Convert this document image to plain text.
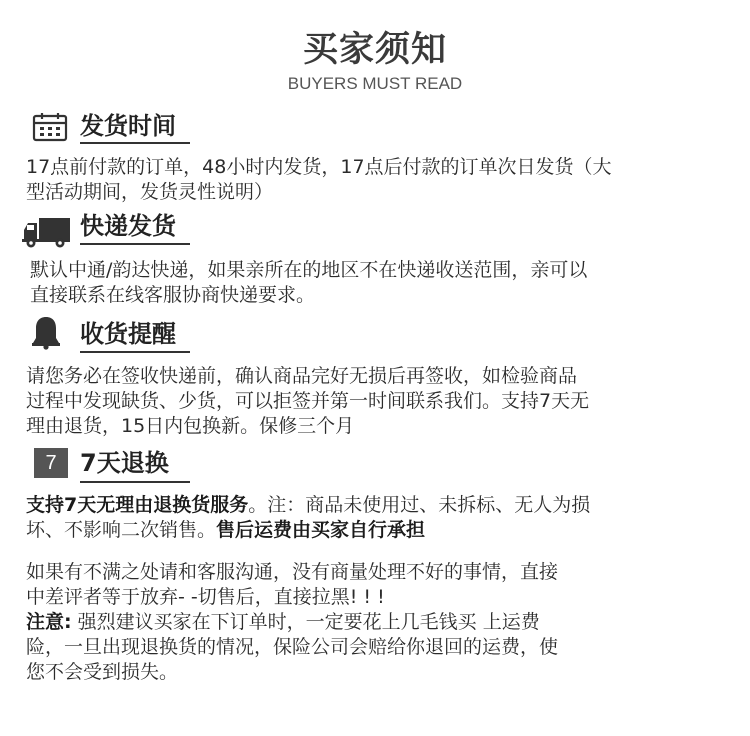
买家须知
BUYERS MUST READ
发货时间
17点前付款的订单，48小时内发货，17点后付款的订单次日发货（大
型活动期间，发货灵性说明）
快递发货
默认中通/韵达快递，如果亲所在的地区不在快递收送范围，亲可以
直接联系在线客服协商快递要求。
收货提醒
请您务必在签收快递前，确认商品完好无损后再签收，如检验商品
过程中发现缺货、少货，可以拒签并第一时间联系我们。支持7天无
理由退货，15日内包换新。保修三个月
7 7天退换
支持7天无理由退换货服务。注：商品未使用过、未拆标、无人为损
坏、不影响二次销售。售后运费由买家自行承担
如果有不满之处请和客服沟通，没有商量处理不好的事情，直接
中差评者等于放弃- -切售后，直接拉黑! ! !
注意: 强烈建议买家在下订单时，一定要花上几毛钱买 上运费
险，一旦出现退换货的情况，保险公司会赔给你退回的运费，使
您不会受到损失。
